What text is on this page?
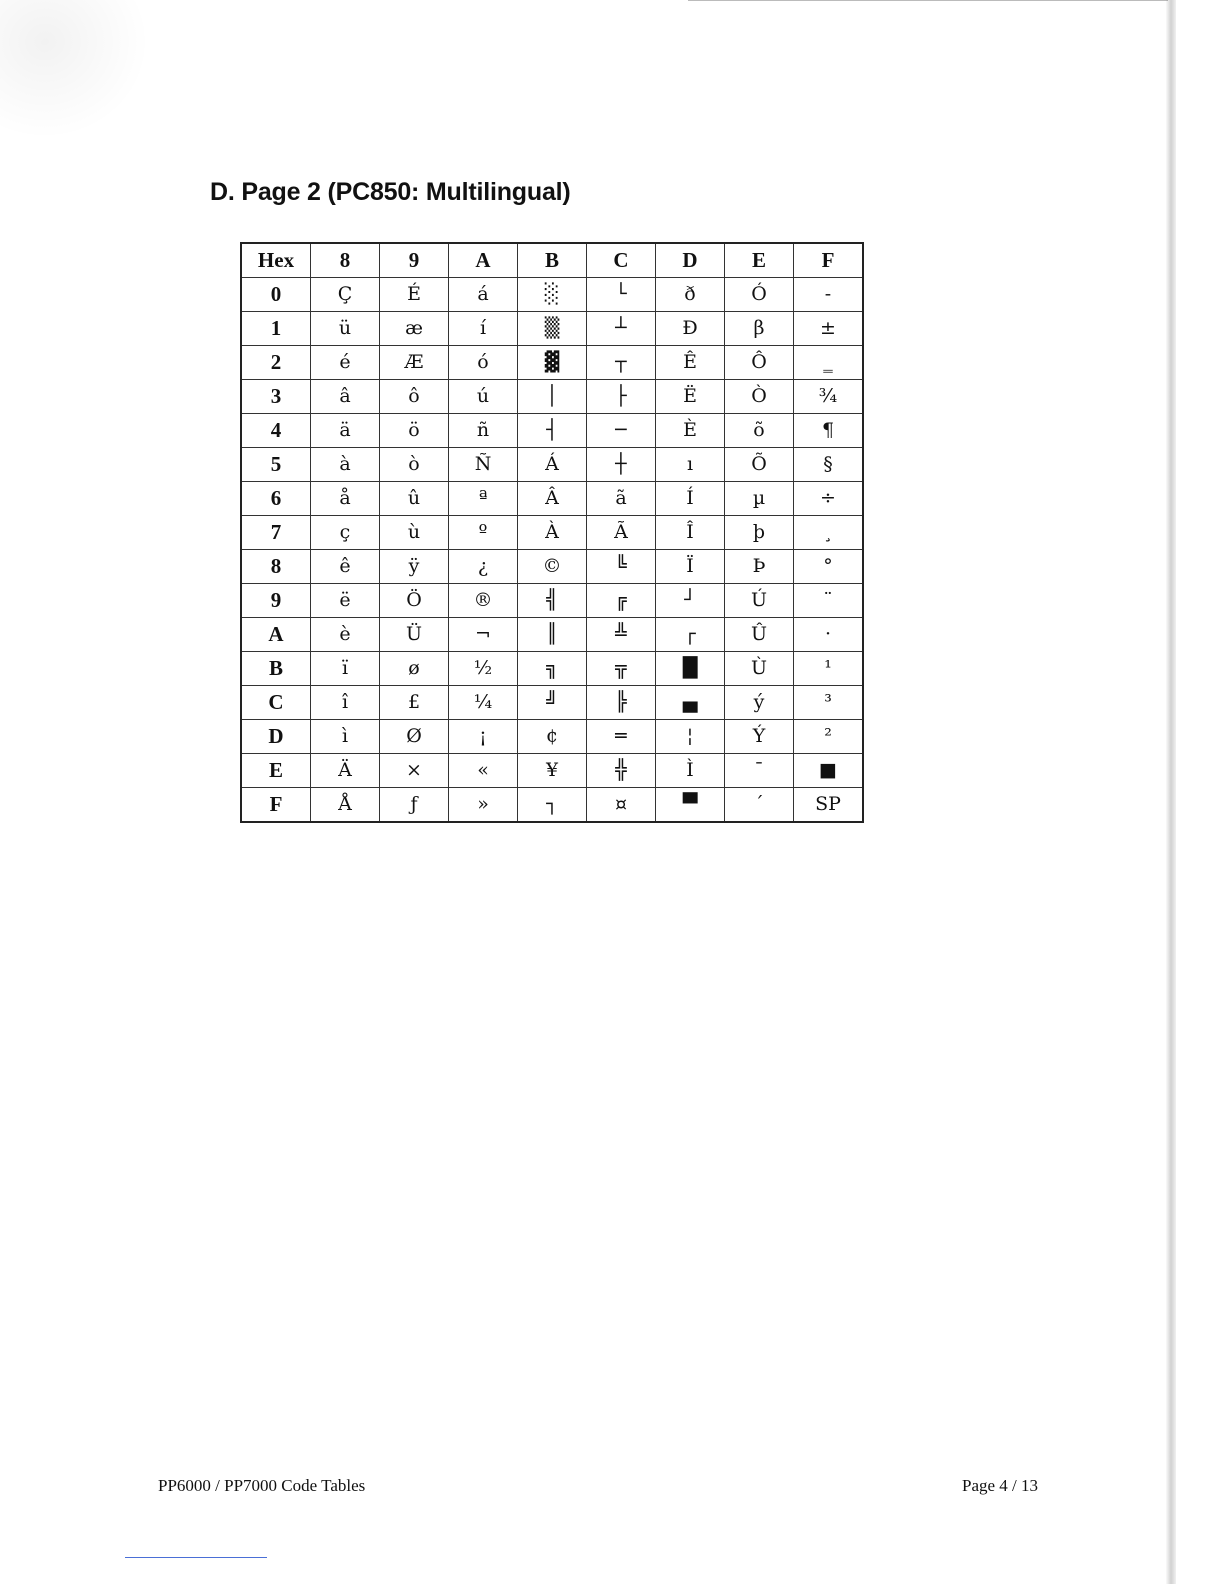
D. Page 2 (PC850: Multilingual)
Hex	8	9	A	B	C	D	E	F
0	Ç	É	á	░	└	ð	Ó	-
1	ü	æ	í	▒	┴	Đ	β	±
2	é	Æ	ó	▓	┬	Ê	Ô	‗
3	â	ô	ú	│	├	Ë	Ò	¾
4	ä	ö	ñ	┤	─	È	õ	¶
5	à	ò	Ñ	Á	┼	ı	Õ	§
6	å	û	ª	Â	ã	Í	µ	÷
7	ç	ù	º	À	Ã	Î	þ	¸
8	ê	ÿ	¿	©	╚	Ï	Þ	°
9	ë	Ö	®	╣	╔	┘	Ú	¨
A	è	Ü	¬	║	╩	┌	Û	·
B	ï	ø	½	╗	╦	█	Ù	¹
C	î	£	¼	╝	╠	▄	ý	³
D	ì	Ø	¡	¢	═	¦	Ý	²
E	Ä	×	«	¥	╬	Ì	¯	■
F	Å	ƒ	»	┐	¤	▀	´	SP
PP6000 / PP7000 Code Tables	Page 4 / 13
